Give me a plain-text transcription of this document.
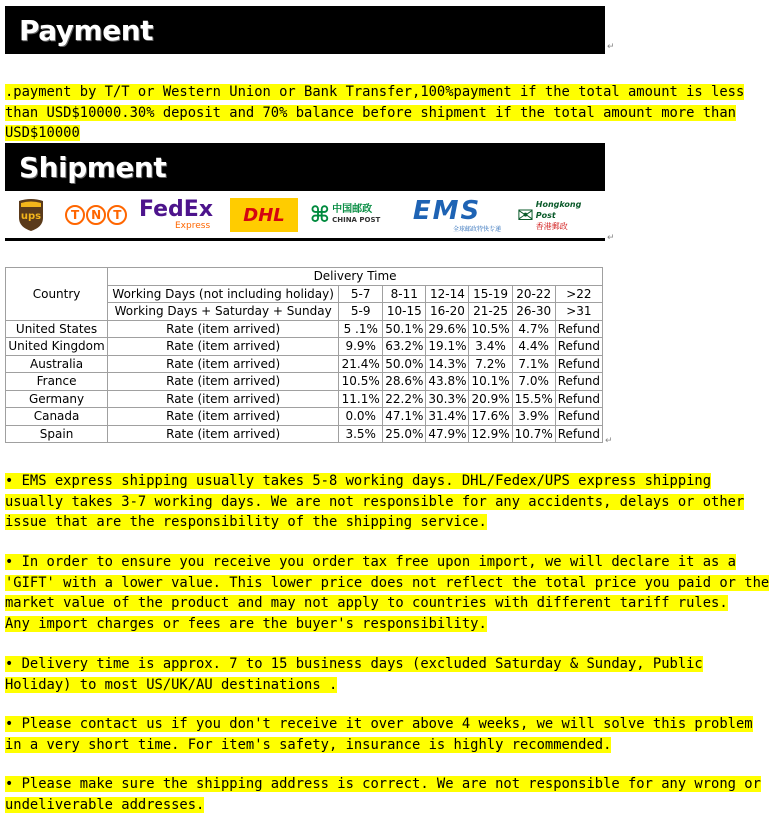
Payment	↵

.payment by T/T or Western Union or Bank Transfer,100%payment if the total amount is less than USD$10000.30% deposit and 70% balance before shipment if the total amount more than USD$10000

Shipment
ups TNT FedEx
Express
DHL ⌘ 中国邮政
CHINA POST EMS
全球邮政特快专递
✉ Hongkong Post
香港郵政
↵
Country	Delivery Time						
	Working Days (not including holiday)	5-7	8-11	12-14	15-19	20-22	>22
	Working Days + Saturday + Sunday	5-9	10-15	16-20	21-25	26-30	>31
United States	Rate (item arrived)	5 .1%	50.1%	29.6%	10.5%	4.7%	Refund
United Kingdom	Rate (item arrived)	9.9%	63.2%	19.1%	3.4%	4.4%	Refund
Australia	Rate (item arrived)	21.4%	50.0%	14.3%	7.2%	7.1%	Refund
France	Rate (item arrived)	10.5%	28.6%	43.8%	10.1%	7.0%	Refund
Germany	Rate (item arrived)	11.1%	22.2%	30.3%	20.9%	15.5%	Refund
Canada	Rate (item arrived)	0.0%	47.1%	31.4%	17.6%	3.9%	Refund
Spain	Rate (item arrived)	3.5%	25.0%	47.9%	12.9%	10.7%	Refund
↵

• EMS express shipping usually takes 5-8 working days. DHL/Fedex/UPS express shipping usually takes 3-7 working days. We are not responsible for any accidents, delays or other issue that are the responsibility of the shipping service.

• In order to ensure you receive you order tax free upon import, we will declare it as a 'GIFT' with a lower value. This lower price does not reflect the total price you paid or the market value of the product and may not apply to countries with different tariff rules.
Any import charges or fees are the buyer's responsibility.

• Delivery time is approx. 7 to 15 business days (excluded Saturday & Sunday, Public Holiday) to most US/UK/AU destinations .

• Please contact us if you don't receive it over above 4 weeks, we will solve this problem in a very short time. For item's safety, insurance is highly recommended.

• Please make sure the shipping address is correct. We are not responsible for any wrong or undeliverable addresses.
